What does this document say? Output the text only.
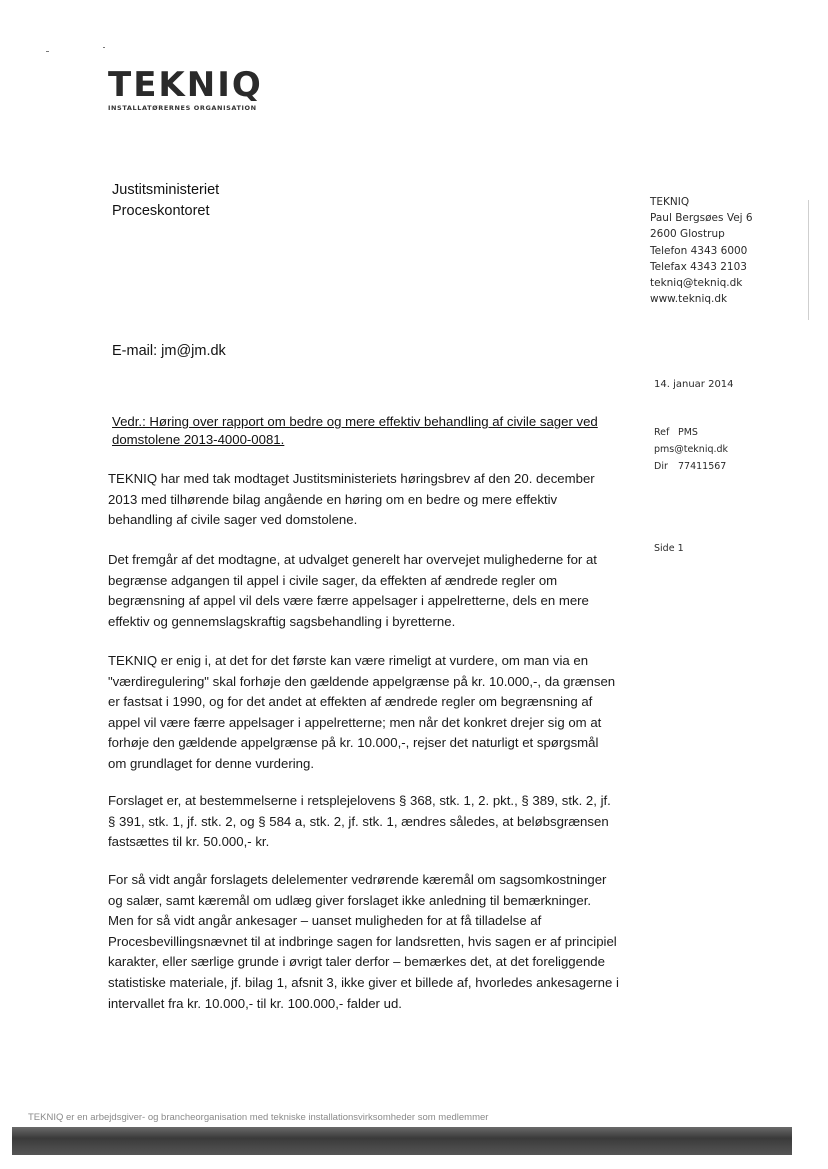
TEKNIQ
INSTALLATØRERNES ORGANISATION
Justitsministeriet
Proceskontoret
TEKNIQ
Paul Bergsøes Vej 6
2600 Glostrup
Telefon 4343 6000
Telefax 4343 2103
tekniq@tekniq.dk
www.tekniq.dk
E-mail: jm@jm.dk
14. januar 2014
Ref PMS
pms@tekniq.dk
Dir 77411567
Side 1
Vedr.: Høring over rapport om bedre og mere effektiv behandling af civile sager ved domstolene 2013-4000-0081.
TEKNIQ har med tak modtaget Justitsministeriets høringsbrev af den 20. december 2013 med tilhørende bilag angående en høring om en bedre og mere effektiv behandling af civile sager ved domstolene.
Det fremgår af det modtagne, at udvalget generelt har overvejet mulighederne for at begrænse adgangen til appel i civile sager, da effekten af ændrede regler om begrænsning af appel vil dels være færre appelsager i appelretterne, dels en mere effektiv og gennemslagskraftig sagsbehandling i byretterne.
TEKNIQ er enig i, at det for det første kan være rimeligt at vurdere, om man via en "værdiregulering" skal forhøje den gældende appelgrænse på kr. 10.000,-, da grænsen er fastsat i 1990, og for det andet at effekten af ændrede regler om begrænsning af appel vil være færre appelsager i appelretterne; men når det konkret drejer sig om at forhøje den gældende appelgrænse på kr. 10.000,-, rejser det naturligt et spørgsmål om grundlaget for denne vurdering.
Forslaget er, at bestemmelserne i retsplejelovens § 368, stk. 1, 2. pkt., § 389, stk. 2, jf. § 391, stk. 1, jf. stk. 2, og § 584 a, stk. 2, jf. stk. 1, ændres således, at beløbsgrænsen fastsættes til kr. 50.000,- kr.
For så vidt angår forslagets delelementer vedrørende kæremål om sagsomkostninger og salær, samt kæremål om udlæg giver forslaget ikke anledning til bemærkninger. Men for så vidt angår ankesager – uanset muligheden for at få tilladelse af Procesbevillingsnævnet til at indbringe sagen for landsretten, hvis sagen er af principiel karakter, eller særlige grunde i øvrigt taler derfor – bemærkes det, at det foreliggende statistiske materiale, jf. bilag 1, afsnit 3, ikke giver et billede af, hvorledes ankesagerne i intervallet fra kr. 10.000,- til kr. 100.000,- falder ud.
TEKNIQ er en arbejdsgiver- og brancheorganisation med tekniske installationsvirksomheder som medlemmer
